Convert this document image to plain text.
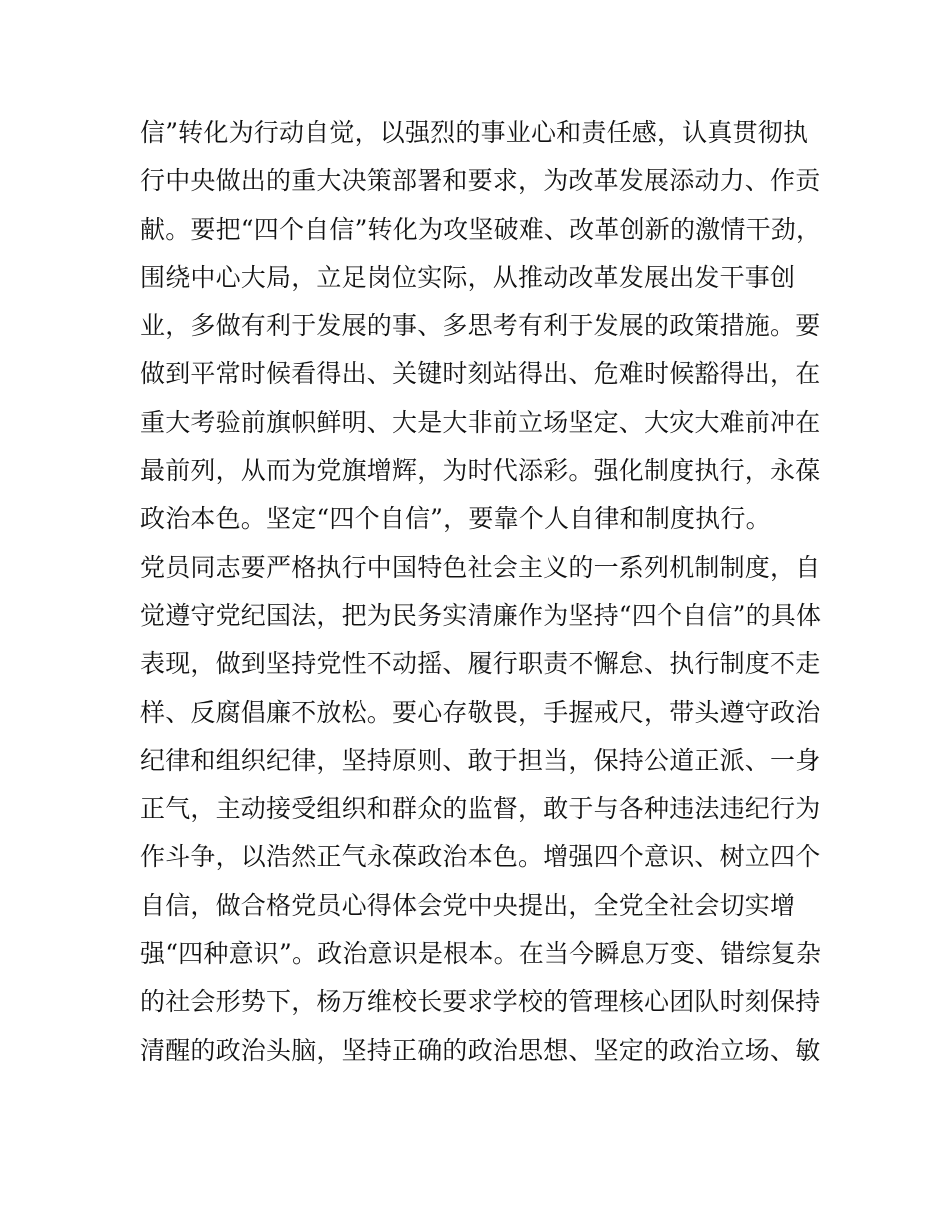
信”转化为行动自觉，以强烈的事业心和责任感，认真贯彻执
行中央做出的重大决策部署和要求，为改革发展添动力、作贡
献。要把“四个自信”转化为攻坚破难、改革创新的激情干劲，
围绕中心大局，立足岗位实际，从推动改革发展出发干事创
业，多做有利于发展的事、多思考有利于发展的政策措施。要
做到平常时候看得出、关键时刻站得出、危难时候豁得出，在
重大考验前旗帜鲜明、大是大非前立场坚定、大灾大难前冲在
最前列，从而为党旗增辉，为时代添彩。强化制度执行，永葆
政治本色。坚定“四个自信”，要靠个人自律和制度执行。
党员同志要严格执行中国特色社会主义的一系列机制制度，自
觉遵守党纪国法，把为民务实清廉作为坚持“四个自信”的具体
表现，做到坚持党性不动摇、履行职责不懈怠、执行制度不走
样、反腐倡廉不放松。要心存敬畏，手握戒尺，带头遵守政治
纪律和组织纪律，坚持原则、敢于担当，保持公道正派、一身
正气，主动接受组织和群众的监督，敢于与各种违法违纪行为
作斗争，以浩然正气永葆政治本色。增强四个意识、树立四个
自信，做合格党员心得体会党中央提出，全党全社会切实增
强“四种意识”。政治意识是根本。在当今瞬息万变、错综复杂
的社会形势下，杨万维校长要求学校的管理核心团队时刻保持
清醒的政治头脑，坚持正确的政治思想、坚定的政治立场、敏
